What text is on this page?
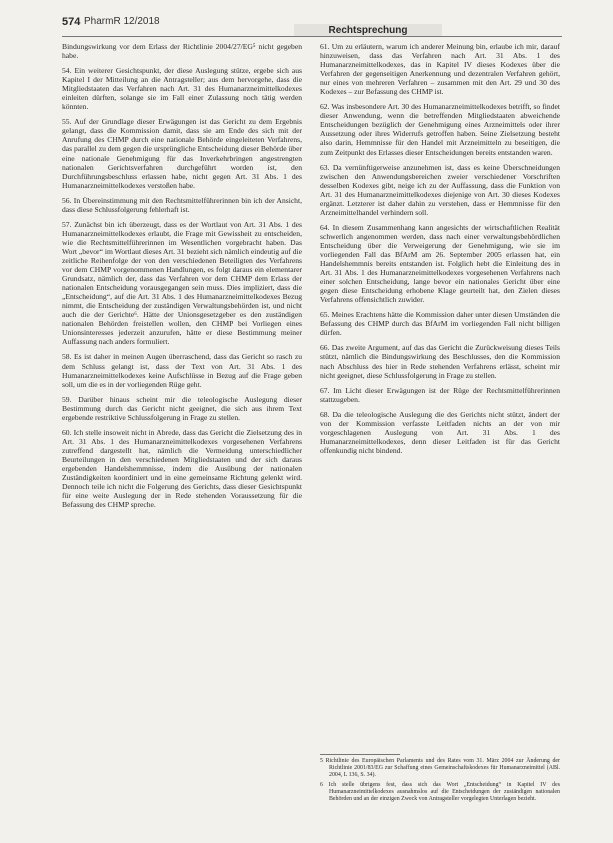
574 PharmR 12/2018
Rechtsprechung

Bindungswirkung vor dem Erlass der Richtlinie 2004/27/EG⁵ nicht gegeben habe.

54. Ein weiterer Gesichtspunkt, der diese Auslegung stütze, ergebe sich aus Kapitel I der Mitteilung an die Antragsteller; aus dem hervorgehe, dass die Mitgliedstaaten das Verfahren nach Art. 31 des Humanarzneimittelkodexes einleiten dürften, solange sie im Fall einer Zulassung noch tätig werden könnten.

55. Auf der Grundlage dieser Erwägungen ist das Gericht zu dem Ergebnis gelangt, dass die Kommission damit, dass sie am Ende des sich mit der Anrufung des CHMP durch eine nationale Behörde eingeleiteten Verfahrens, das parallel zu dem gegen die ursprüngliche Entscheidung dieser Behörde über eine nationale Genehmigung für das Inverkehrbringen angestrengten nationalen Gerichtsverfahren durchgeführt worden ist, den Durchführungsbeschluss erlassen habe, nicht gegen Art. 31 Abs. 1 des Humanarzneimittelkodexes verstoßen habe.

56. In Übereinstimmung mit den Rechtsmittelführerinnen bin ich der Ansicht, dass diese Schlussfolgerung fehlerhaft ist.

57. Zunächst bin ich überzeugt, dass es der Wortlaut von Art. 31 Abs. 1 des Humanarzneimittelkodexes erlaubt, die Frage mit Gewissheit zu entscheiden, wie die Rechtsmittelführerinnen im Wesentlichen vorgebracht haben. Das Wort „bevor“ im Wortlaut dieses Art. 31 bezieht sich nämlich eindeutig auf die zeitliche Reihenfolge der von den verschiedenen Beteiligten des Verfahrens vor dem CHMP vorgenommenen Handlungen, es folgt daraus ein elementarer Grundsatz, nämlich der, dass das Verfahren vor dem CHMP dem Erlass der nationalen Entscheidung vorausgegangen sein muss. Dies impliziert, dass die „Entscheidung“, auf die Art. 31 Abs. 1 des Humanarzneimittelkodexes Bezug nimmt, die Entscheidung der zuständigen Verwaltungsbehörden ist, und nicht auch die der Gerichte⁶. Hätte der Unionsgesetzgeber es den zuständigen nationalen Behörden freistellen wollen, den CHMP bei Vorliegen eines Unionsinteresses jederzeit anzurufen, hätte er diese Bestimmung meiner Auffassung nach anders formuliert.

58. Es ist daher in meinen Augen überraschend, dass das Gericht so rasch zu dem Schluss gelangt ist, dass der Text von Art. 31 Abs. 1 des Humanarzneimittelkodexes keine Aufschlüsse in Bezug auf die Frage geben soll, um die es in der vorliegenden Rüge geht.

59. Darüber hinaus scheint mir die teleologische Auslegung dieser Bestimmung durch das Gericht nicht geeignet, die sich aus ihrem Text ergebende restriktive Schlussfolgerung in Frage zu stellen.

60. Ich stelle insoweit nicht in Abrede, dass das Gericht die Zielsetzung des in Art. 31 Abs. 1 des Humanarzneimittelkodexes vorgesehenen Verfahrens zutreffend dargestellt hat, nämlich die Vermeidung unterschiedlicher Beurteilungen in den verschiedenen Mitgliedstaaten und der sich daraus ergebenden Handelshemmnisse, indem die Ausübung der nationalen Zuständigkeiten koordiniert und in eine gemeinsame Richtung gelenkt wird. Dennoch teile ich nicht die Folgerung des Gerichts, dass dieser Gesichtspunkt für eine weite Auslegung der in Rede stehenden Voraussetzung für die Befassung des CHMP spreche.

61. Um zu erläutern, warum ich anderer Meinung bin, erlaube ich mir, darauf hinzuweisen, dass das Verfahren nach Art. 31 Abs. 1 des Humanarzneimittelkodexes, das in Kapitel IV dieses Kodexes über die Verfahren der gegenseitigen Anerkennung und dezentralen Verfahren gehört, nur eines von mehreren Verfahren – zusammen mit den Art. 29 und 30 des Kodexes – zur Befassung des CHMP ist.

62. Was insbesondere Art. 30 des Humanarzneimittelkodexes betrifft, so findet dieser Anwendung, wenn die betreffenden Mitgliedstaaten abweichende Entscheidungen bezüglich der Genehmigung eines Arzneimittels oder ihrer Aussetzung oder ihres Widerrufs getroffen haben. Seine Zielsetzung besteht also darin, Hemmnisse für den Handel mit Arzneimitteln zu beseitigen, die zum Zeitpunkt des Erlasses dieser Entscheidungen bereits entstanden waren.

63. Da vernünftigerweise anzunehmen ist, dass es keine Überschneidungen zwischen den Anwendungsbereichen zweier verschiedener Vorschriften desselben Kodexes gibt, neige ich zu der Auffassung, dass die Funktion von Art. 31 des Humanarzneimittelkodexes diejenige von Art. 30 dieses Kodexes ergänzt. Letzterer ist daher dahin zu verstehen, dass er Hemmnisse für den Arzneimittelhandel verhindern soll.

64. In diesem Zusammenhang kann angesichts der wirtschaftlichen Realität schwerlich angenommen werden, dass nach einer verwaltungsbehördlichen Entscheidung über die Verweigerung der Genehmigung, wie sie im vorliegenden Fall das BfArM am 26. September 2005 erlassen hat, ein Handelshemmnis bereits entstanden ist. Folglich hebt die Einleitung des in Art. 31 Abs. 1 des Humanarzneimittelkodexes vorgesehenen Verfahrens nach einer solchen Entscheidung, lange bevor ein nationales Gericht über eine gegen diese Entscheidung erhobene Klage geurteilt hat, den Zielen dieses Verfahrens offensichtlich zuwider.

65. Meines Erachtens hätte die Kommission daher unter diesen Umständen die Befassung des CHMP durch das BfArM im vorliegenden Fall nicht billigen dürfen.

66. Das zweite Argument, auf das das Gericht die Zurückweisung dieses Teils stützt, nämlich die Bindungswirkung des Beschlusses, den die Kommission nach Abschluss des hier in Rede stehenden Verfahrens erlässt, scheint mir nicht geeignet, diese Schlussfolgerung in Frage zu stellen.

67. Im Licht dieser Erwägungen ist der Rüge der Rechtsmittelführerinnen stattzugeben.

68. Da die teleologische Auslegung die des Gerichts nicht stützt, ändert der von der Kommission verfasste Leitfaden nichts an der von mir vorgeschlagenen Auslegung von Art. 31 Abs. 1 des Humanarzneimittelkodexes, denn dieser Leitfaden ist für das Gericht offenkundig nicht bindend.

5 Richtlinie des Europäischen Parlaments und des Rates vom 31. März 2004 zur Änderung der Richtlinie 2001/83/EG zur Schaffung eines Gemeinschaftskodexes für Humanarzneimittel (ABl. 2004, L 136, S. 34).

6 Ich stelle übrigens fest, dass sich das Wort „Entscheidung“ in Kapitel IV des Humanarzneimittelkodexes ausnahmslos auf die Entscheidungen der zuständigen nationalen Behörden und an der einzigen Zweck von Antragsteller vorgelegten Unterlagen bezieht.
